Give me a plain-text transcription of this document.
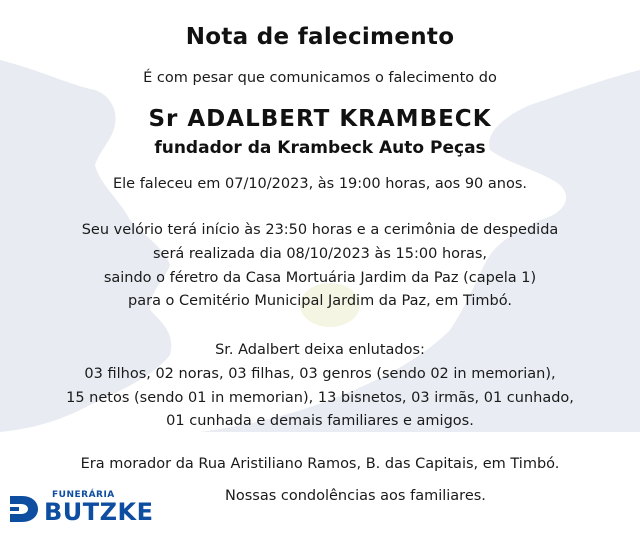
Nota de falecimento
É com pesar que comunicamos o falecimento do
Sr ADALBERT KRAMBECK
fundador da Krambeck Auto Peças
Ele faleceu em 07/10/2023, às 19:00 horas, aos 90 anos.
Seu velório terá início às 23:50 horas e a cerimônia de despedida
será realizada dia 08/10/2023 às 15:00 horas,
saindo o féretro da Casa Mortuária Jardim da Paz (capela 1)
para o Cemitério Municipal Jardim da Paz, em Timbó.
Sr. Adalbert deixa enlutados:
03 filhos, 02 noras, 03 filhas, 03 genros (sendo 02 in memorian),
15 netos (sendo 01 in memorian), 13 bisnetos, 03 irmãs, 01 cunhado,
01 cunhada e demais familiares e amigos.
Era morador da Rua Aristiliano Ramos, B. das Capitais, em Timbó.
FUNERÁRIA
BUTZKE
Nossas condolências aos familiares.
